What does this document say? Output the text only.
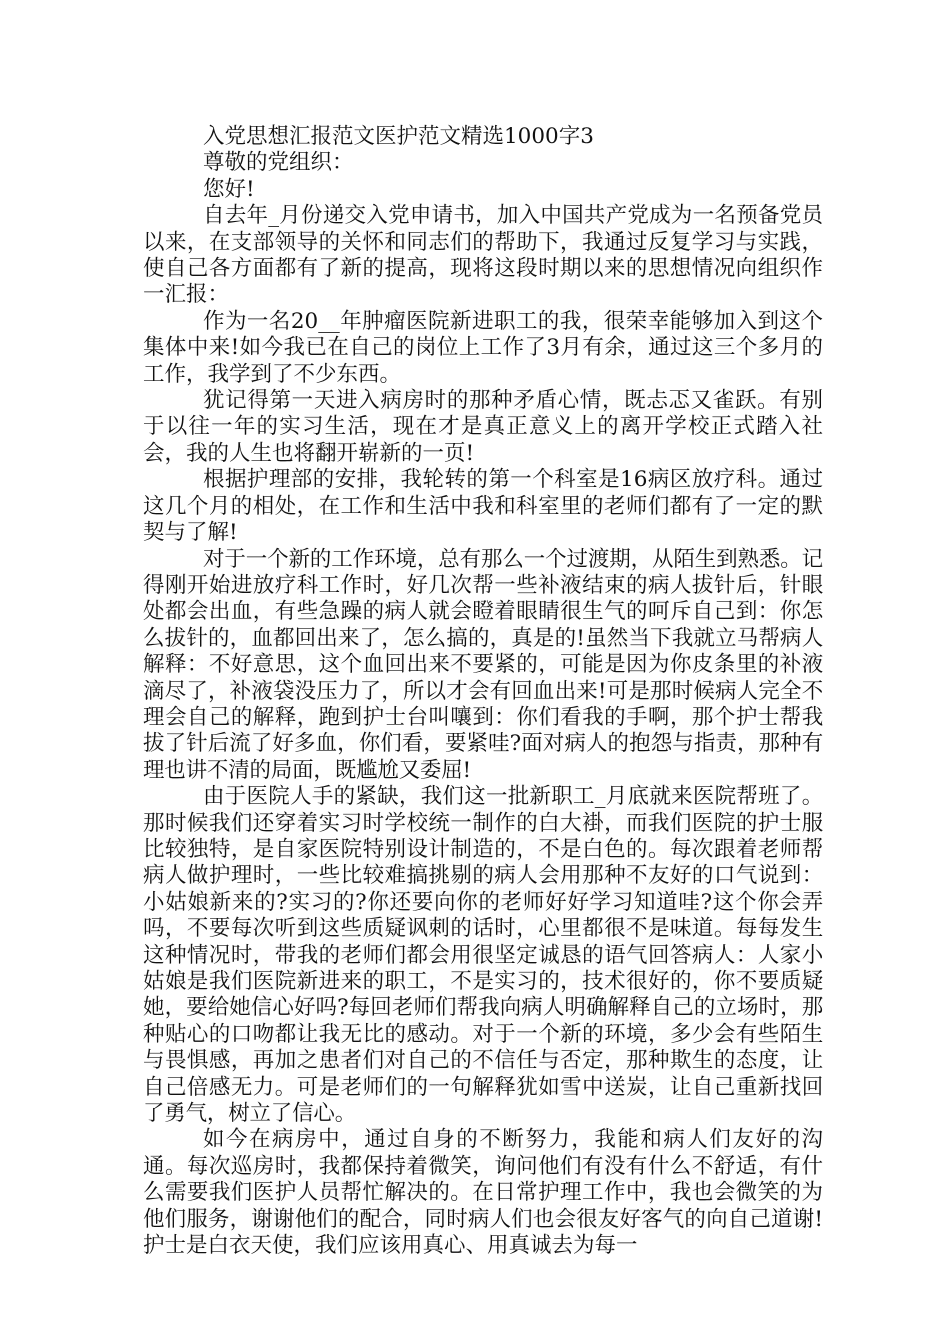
入党思想汇报范文医护范文精选1000字3

尊敬的党组织：

您好!

自去年_月份递交入党申请书，加入中国共产党成为一名预备党员以来，在支部领导的关怀和同志们的帮助下，我通过反复学习与实践，使自己各方面都有了新的提高，现将这段时期以来的思想情况向组织作一汇报：

作为一名20__年肿瘤医院新进职工的我，很荣幸能够加入到这个集体中来!如今我已在自己的岗位上工作了3月有余，通过这三个多月的工作，我学到了不少东西。

犹记得第一天进入病房时的那种矛盾心情，既忐忑又雀跃。有别于以往一年的实习生活，现在才是真正意义上的离开学校正式踏入社会，我的人生也将翻开崭新的一页!

根据护理部的安排，我轮转的第一个科室是16病区放疗科。通过这几个月的相处，在工作和生活中我和科室里的老师们都有了一定的默契与了解!

对于一个新的工作环境，总有那么一个过渡期，从陌生到熟悉。记得刚开始进放疗科工作时，好几次帮一些补液结束的病人拔针后，针眼处都会出血，有些急躁的病人就会瞪着眼睛很生气的呵斥自己到：你怎么拔针的，血都回出来了，怎么搞的，真是的!虽然当下我就立马帮病人解释：不好意思，这个血回出来不要紧的，可能是因为你皮条里的补液滴尽了，补液袋没压力了，所以才会有回血出来!可是那时候病人完全不理会自己的解释，跑到护士台叫嚷到：你们看我的手啊，那个护士帮我拔了针后流了好多血，你们看，要紧哇?面对病人的抱怨与指责，那种有理也讲不清的局面，既尴尬又委屈!

由于医院人手的紧缺，我们这一批新职工_月底就来医院帮班了。那时候我们还穿着实习时学校统一制作的白大褂，而我们医院的护士服比较独特，是自家医院特别设计制造的，不是白色的。每次跟着老师帮病人做护理时，一些比较难搞挑剔的病人会用那种不友好的口气说到：小姑娘新来的?实习的?你还要向你的老师好好学习知道哇?这个你会弄吗，不要每次听到这些质疑讽刺的话时，心里都很不是味道。每每发生这种情况时，带我的老师们都会用很坚定诚恳的语气回答病人：人家小姑娘是我们医院新进来的职工，不是实习的，技术很好的，你不要质疑她，要给她信心好吗?每回老师们帮我向病人明确解释自己的立场时，那种贴心的口吻都让我无比的感动。对于一个新的环境，多少会有些陌生与畏惧感，再加之患者们对自己的不信任与否定，那种欺生的态度，让自己倍感无力。可是老师们的一句解释犹如雪中送炭，让自己重新找回了勇气，树立了信心。

如今在病房中，通过自身的不断努力，我能和病人们友好的沟通。每次巡房时，我都保持着微笑，询问他们有没有什么不舒适，有什么需要我们医护人员帮忙解决的。在日常护理工作中，我也会微笑的为他们服务，谢谢他们的配合，同时病人们也会很友好客气的向自己道谢!护士是白衣天使，我们应该用真心、用真诚去为每一
